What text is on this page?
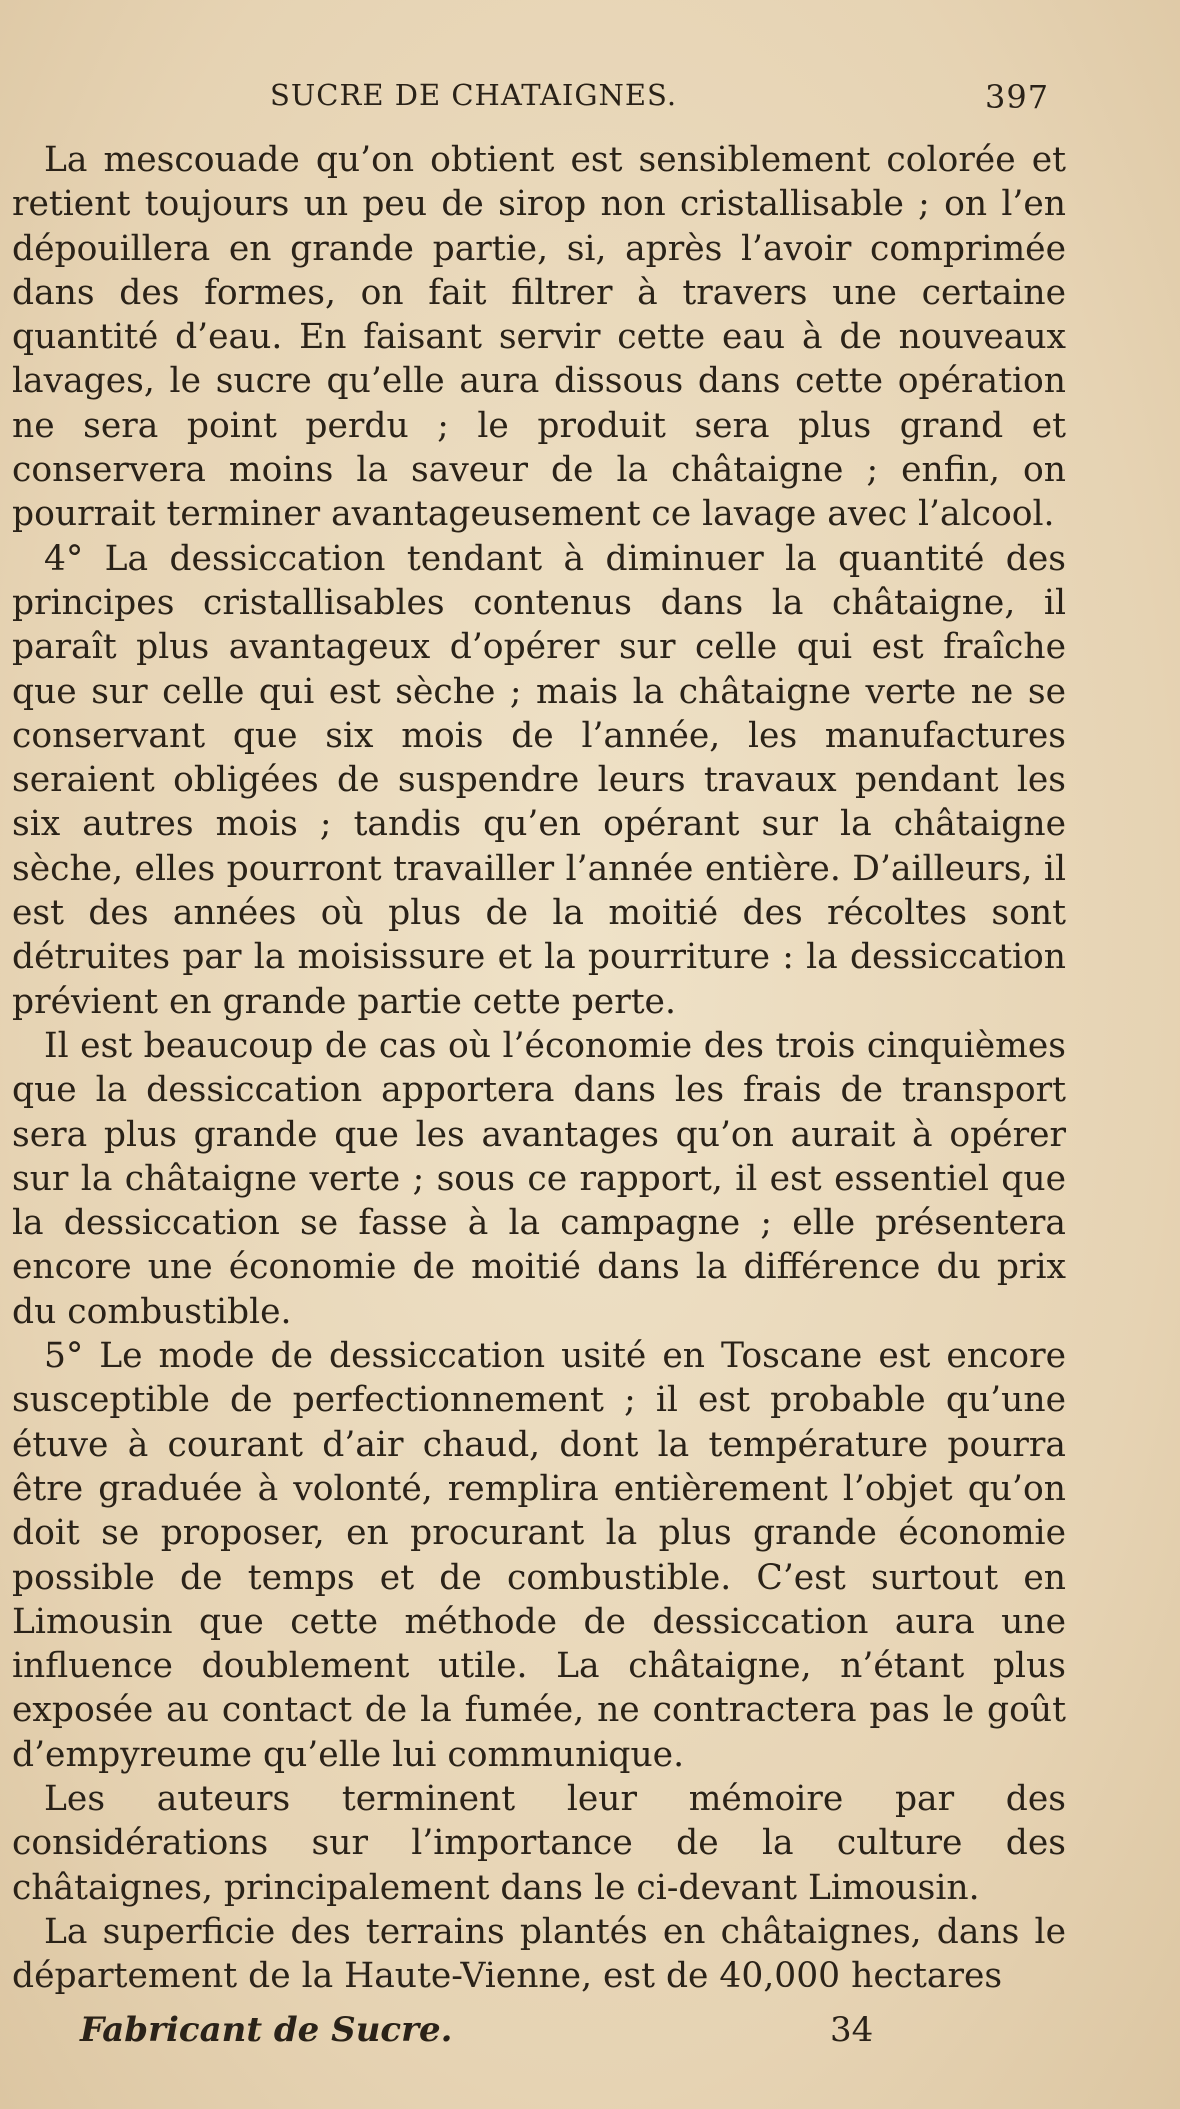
SUCRE DE CHATAIGNES.	397

La mescouade qu’on obtient est sensiblement colorée et retient toujours un peu de sirop non cristallisable ; on l’en dépouillera en grande partie, si, après l’avoir comprimée dans des formes, on fait filtrer à travers une certaine quantité d’eau. En faisant servir cette eau à de nouveaux lavages, le sucre qu’elle aura dissous dans cette opération ne sera point perdu ; le produit sera plus grand et conservera moins la saveur de la châtaigne ; enfin, on pourrait terminer avantageusement ce lavage avec l’alcool.

4° La dessiccation tendant à diminuer la quantité des principes cristallisables contenus dans la châtaigne, il paraît plus avantageux d’opérer sur celle qui est fraîche que sur celle qui est sèche ; mais la châtaigne verte ne se conservant que six mois de l’année, les manufactures seraient obligées de suspendre leurs travaux pendant les six autres mois ; tandis qu’en opérant sur la châtaigne sèche, elles pourront travailler l’année entière. D’ailleurs, il est des années où plus de la moitié des récoltes sont détruites par la moisissure et la pourriture : la dessiccation prévient en grande partie cette perte.

Il est beaucoup de cas où l’économie des trois cinquièmes que la dessiccation apportera dans les frais de transport sera plus grande que les avantages qu’on aurait à opérer sur la châtaigne verte ; sous ce rapport, il est essentiel que la dessiccation se fasse à la campagne ; elle présentera encore une économie de moitié dans la différence du prix du combustible.

5° Le mode de dessiccation usité en Toscane est encore susceptible de perfectionnement ; il est probable qu’une étuve à courant d’air chaud, dont la température pourra être graduée à volonté, remplira entièrement l’objet qu’on doit se proposer, en procurant la plus grande économie possible de temps et de combustible. C’est surtout en Limousin que cette méthode de dessiccation aura une influence doublement utile. La châtaigne, n’étant plus exposée au contact de la fumée, ne contractera pas le goût d’empyreume qu’elle lui communique.

Les auteurs terminent leur mémoire par des considérations sur l’importance de la culture des châtaignes, principalement dans le ci-devant Limousin.

La superficie des terrains plantés en châtaignes, dans le département de la Haute-Vienne, est de 40,000 hectares

Fabricant de Sucre.	34
